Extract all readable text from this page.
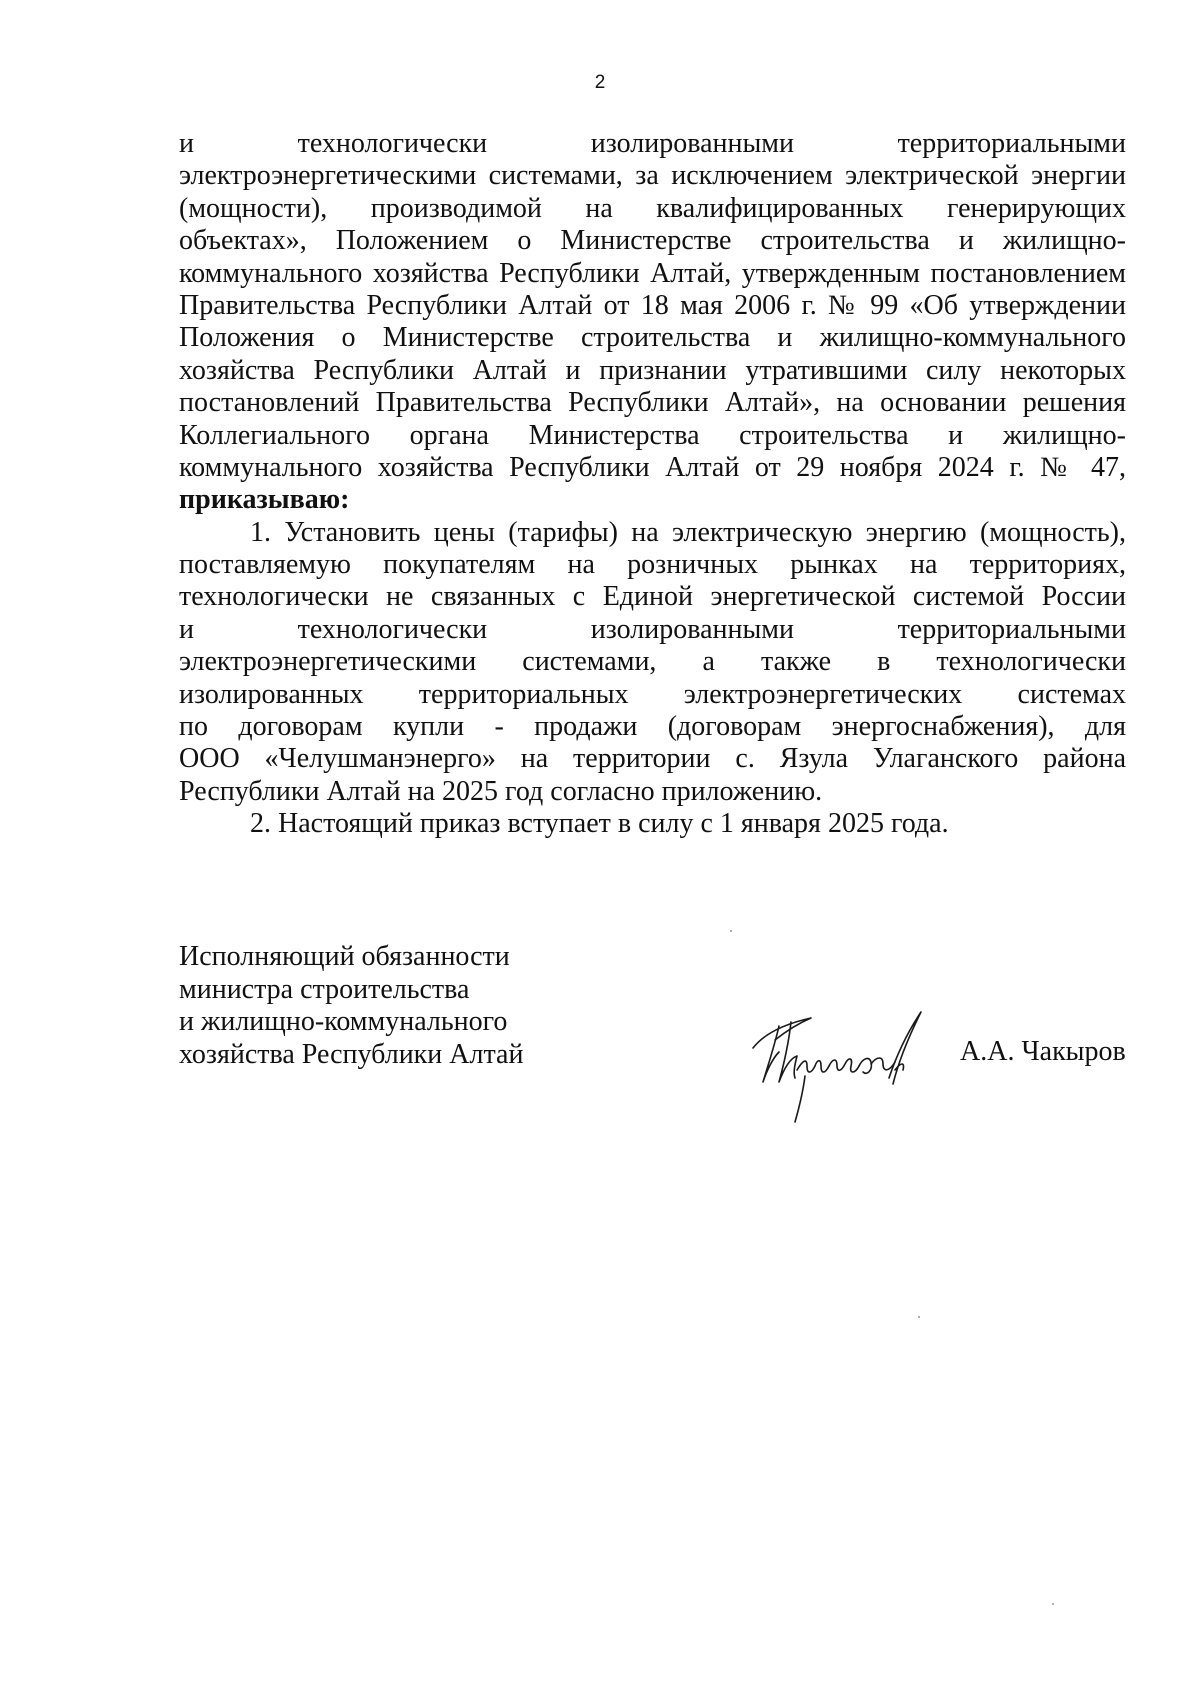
2
и технологически изолированными территориальными
электроэнергетическими системами, за исключением электрической энергии
(мощности), производимой на квалифицированных генерирующих
объектах», Положением о Министерстве строительства и жилищно-
коммунального хозяйства Республики Алтай, утвержденным постановлением
Правительства Республики Алтай от 18 мая 2006 г. № 99 «Об утверждении
Положения о Министерстве строительства и жилищно-коммунального
хозяйства Республики Алтай и признании утратившими силу некоторых
постановлений Правительства Республики Алтай», на основании решения
Коллегиального органа Министерства строительства и жилищно-
коммунального хозяйства Республики Алтай от 29 ноября 2024 г. № 47,
приказываю:
1. Установить цены (тарифы) на электрическую энергию (мощность),
поставляемую покупателям на розничных рынках на территориях,
технологически не связанных с Единой энергетической системой России
и технологически изолированными территориальными
электроэнергетическими системами, а также в технологически
изолированных территориальных электроэнергетических системах
по договорам купли - продажи (договорам энергоснабжения), для
ООО «Челушманэнерго» на территории с. Язула Улаганского района
Республики Алтай на 2025 год согласно приложению.
2. Настоящий приказ вступает в силу с 1 января 2025 года.
Исполняющий обязанности
министра строительства
и жилищно-коммунального
хозяйства Республики Алтай	А.А. Чакыров
